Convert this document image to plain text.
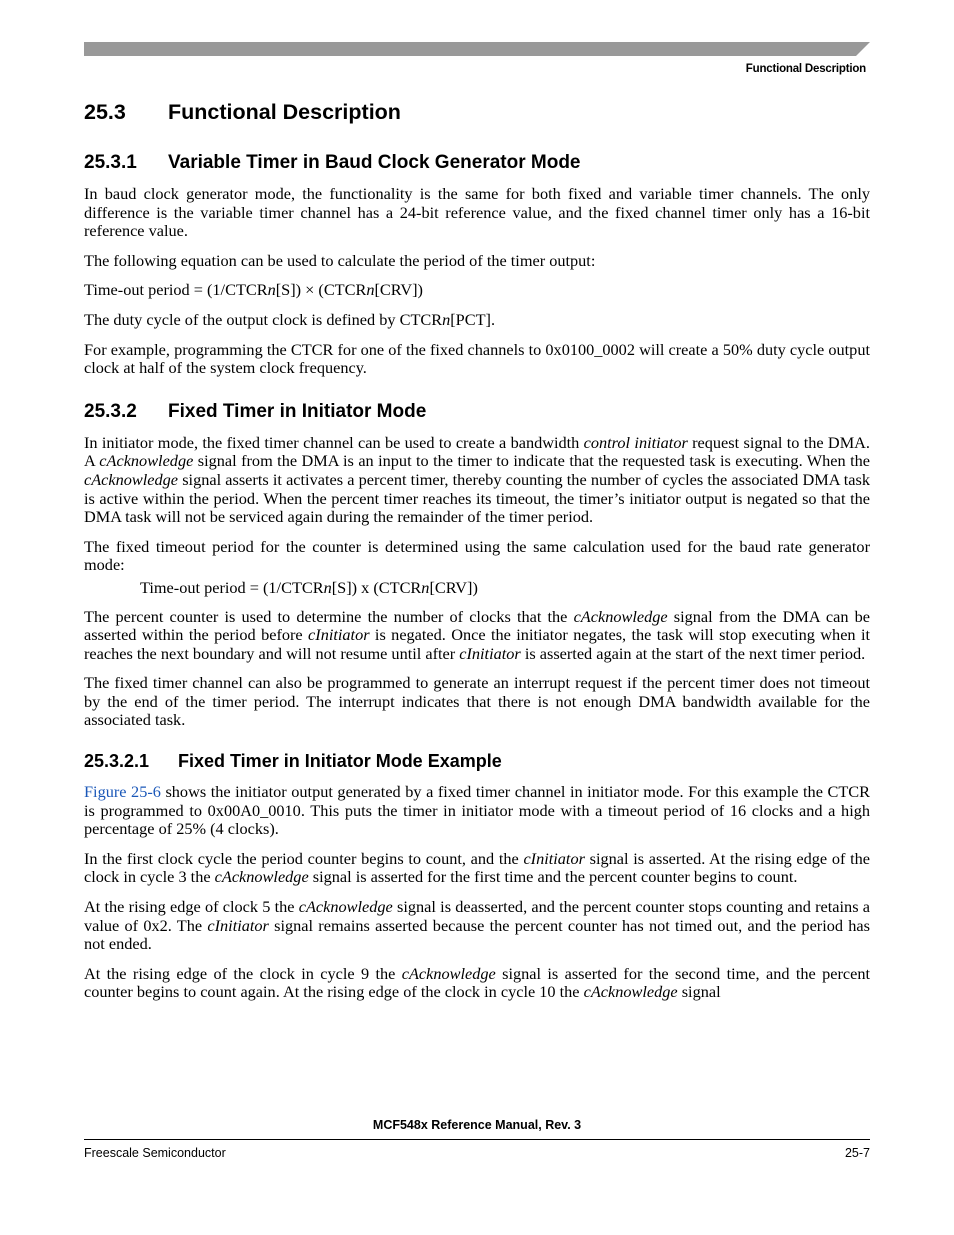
Functional Description
25.3 Functional Description
25.3.1 Variable Timer in Baud Clock Generator Mode

In baud clock generator mode, the functionality is the same for both fixed and variable timer channels. The only difference is the variable timer channel has a 24-bit reference value, and the fixed channel timer only has a 16-bit reference value.

The following equation can be used to calculate the period of the timer output:

Time-out period = (1/CTCRn[S]) × (CTCRn[CRV])

The duty cycle of the output clock is defined by CTCRn[PCT].

For example, programming the CTCR for one of the fixed channels to 0x0100_0002 will create a 50% duty cycle output clock at half of the system clock frequency.

25.3.2 Fixed Timer in Initiator Mode

In initiator mode, the fixed timer channel can be used to create a bandwidth control initiator request signal to the DMA. A cAcknowledge signal from the DMA is an input to the timer to indicate that the requested task is executing. When the cAcknowledge signal asserts it activates a percent timer, thereby counting the number of cycles the associated DMA task is active within the period. When the percent timer reaches its timeout, the timer’s initiator output is negated so that the DMA task will not be serviced again during the remainder of the timer period.

The fixed timeout period for the counter is determined using the same calculation used for the baud rate generator mode:

Time-out period = (1/CTCRn[S]) x (CTCRn[CRV])

The percent counter is used to determine the number of clocks that the cAcknowledge signal from the DMA can be asserted within the period before cInitiator is negated. Once the initiator negates, the task will stop executing when it reaches the next boundary and will not resume until after cInitiator is asserted again at the start of the next timer period.

The fixed timer channel can also be programmed to generate an interrupt request if the percent timer does not timeout by the end of the timer period. The interrupt indicates that there is not enough DMA bandwidth available for the associated task.

25.3.2.1 Fixed Timer in Initiator Mode Example

Figure 25-6 shows the initiator output generated by a fixed timer channel in initiator mode. For this example the CTCR is programmed to 0x00A0_0010. This puts the timer in initiator mode with a timeout period of 16 clocks and a high percentage of 25% (4 clocks).

In the first clock cycle the period counter begins to count, and the cInitiator signal is asserted. At the rising edge of the clock in cycle 3 the cAcknowledge signal is asserted for the first time and the percent counter begins to count.

At the rising edge of clock 5 the cAcknowledge signal is deasserted, and the percent counter stops counting and retains a value of 0x2. The cInitiator signal remains asserted because the percent counter has not timed out, and the period has not ended.

At the rising edge of the clock in cycle 9 the cAcknowledge signal is asserted for the second time, and the percent counter begins to count again. At the rising edge of the clock in cycle 10 the cAcknowledge signal

MCF548x Reference Manual, Rev. 3
Freescale Semiconductor	25-7
